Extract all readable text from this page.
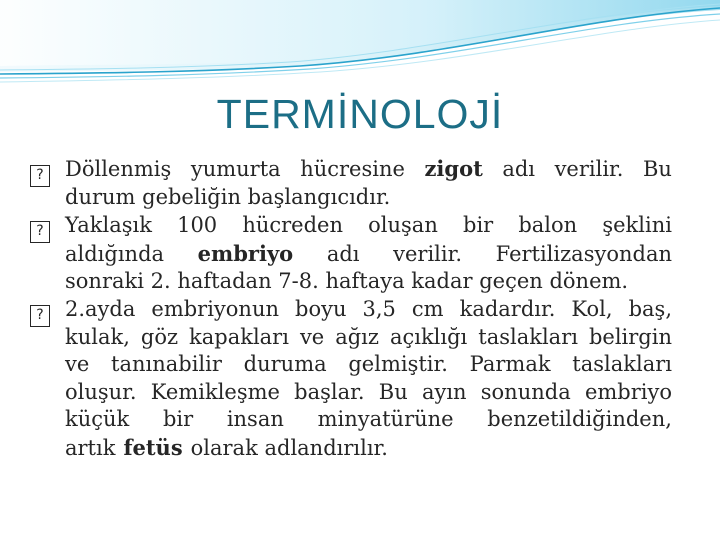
TERMİNOLOJİ
? Döllenmiş yumurta hücresine zigot adı verilir. Bu
durum gebeliğin başlangıcıdır.
? Yaklaşık 100 hücreden oluşan bir balon şeklini
aldığında embriyo adı verilir. Fertilizasyondan
sonraki 2. haftadan 7-8. haftaya kadar geçen dönem.
? 2.ayda embriyonun boyu 3,5 cm kadardır. Kol, baş,
kulak, göz kapakları ve ağız açıklığı taslakları belirgin
ve tanınabilir duruma gelmiştir. Parmak taslakları
oluşur. Kemikleşme başlar. Bu ayın sonunda embriyo
küçük bir insan minyatürüne benzetildiğinden,
artık fetüs olarak adlandırılır.
